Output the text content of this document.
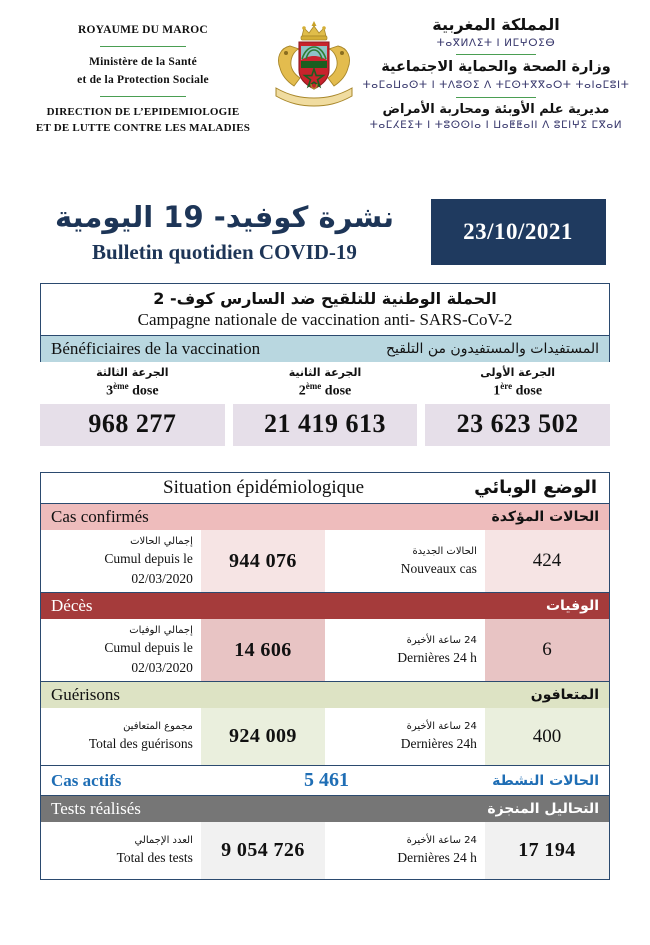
ROYAUME DU MAROC
Ministère de la Santé
et de la Protection Sociale
DIRECTION DE L’EPIDEMIOLOGIE
ET DE LUTTE CONTRE LES MALADIES
المملكة المغربية
ⵜⴰⴳⵍⴷⵉⵜ ⵏ ⵍⵎⵖⵔⵉⴱ
وزارة الصحة والحماية الاجتماعية
ⵜⴰⵎⴰⵡⴰⵙⵜ ⵏ ⵜⴷⵓⵙⵉ ⴷ ⵜⵎⵙⵜⴳⴳⴰⵔⵜ ⵜⴰⵏⴰⵎⵓⵏⵜ
مديرية علم الأوبئة ومحاربة الأمراض
ⵜⴰⵎⵃⴹⵉⵜ ⵏ ⵜⵓⵙⵙⵏⴰ ⵏ ⵡⴰⵟⵟⴰⵏⵏ ⴷ ⵓⵎⵏⵖⵉ ⵎⴳⴰⵍ
نشرة كوفيد- 19 اليومية
Bulletin quotidien COVID-19
23/10/2021
الحملة الوطنية للتلقيح ضد السارس كوف- 2
Campagne nationale de vaccination anti- SARS-CoV-2
Bénéficiaires de la vaccination	المستفيدات والمستفيدون من التلقيح
الجرعة الثالثة
3ème dose
968 277
الجرعة الثانية
2ème dose
21 419 613
الجرعة الأولى
1ère dose
23 623 502
Situation épidémiologique	الوضع الوبائي
Cas confirmés	الحالات المؤكدة
إجمالي الحالات
Cumul depuis le
02/03/2020
944 076	الحالات الجديدة
Nouveaux cas	424
Décès	الوفيات
إجمالي الوفيات
Cumul depuis le
02/03/2020
14 606	24 ساعة الأخيرة
Dernières 24 h	6
Guérisons	المتعافون
مجموع المتعافين
Total des guérisons 924 009	24 ساعة الأخيرة
Dernières 24h	400
Cas actifs	5 461	الحالات النشطة
Tests réalisés	التحاليل المنجزة
العدد الإجمالي
Total des tests 9 054 726	24 ساعة الأخيرة
Dernières 24 h 17 194
